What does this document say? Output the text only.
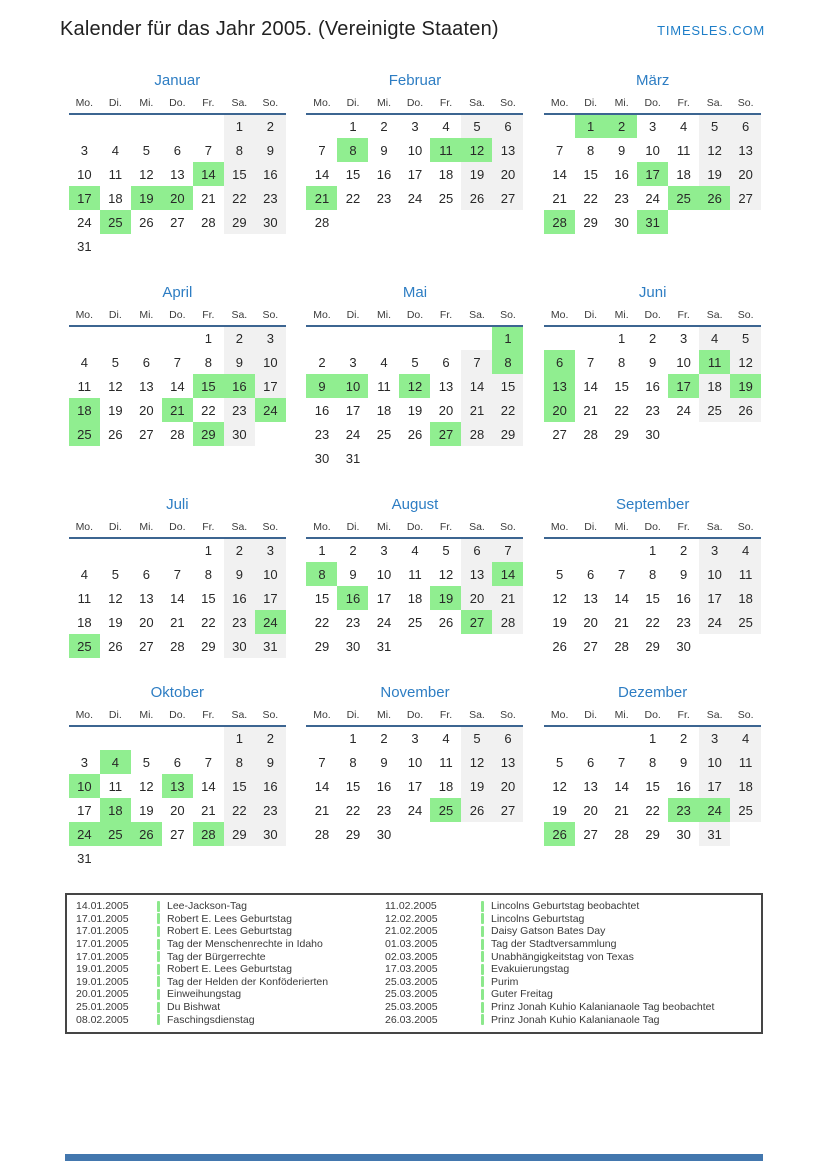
Kalender für das Jahr 2005. (Vereinigte Staaten)	TIMESLES.COM
Januar
Mo.	Di.	Mi.	Do.	Fr.	Sa.	So.
					1	2
3	4	5	6	7	8	9
10	11	12	13	14	15	16
17	18	19	20	21	22	23
24	25	26	27	28	29	30
31						
Februar
Mo.	Di.	Mi.	Do.	Fr.	Sa.	So.
	1	2	3	4	5	6
7	8	9	10	11	12	13
14	15	16	17	18	19	20
21	22	23	24	25	26	27
28						
März
Mo.	Di.	Mi.	Do.	Fr.	Sa.	So.
	1	2	3	4	5	6
7	8	9	10	11	12	13
14	15	16	17	18	19	20
21	22	23	24	25	26	27
28	29	30	31			
April
Mo.	Di.	Mi.	Do.	Fr.	Sa.	So.
				1	2	3
4	5	6	7	8	9	10
11	12	13	14	15	16	17
18	19	20	21	22	23	24
25	26	27	28	29	30	
Mai
Mo.	Di.	Mi.	Do.	Fr.	Sa.	So.
						1
2	3	4	5	6	7	8
9	10	11	12	13	14	15
16	17	18	19	20	21	22
23	24	25	26	27	28	29
30	31					
Juni
Mo.	Di.	Mi.	Do.	Fr.	Sa.	So.
		1	2	3	4	5
6	7	8	9	10	11	12
13	14	15	16	17	18	19
20	21	22	23	24	25	26
27	28	29	30			
Juli
Mo.	Di.	Mi.	Do.	Fr.	Sa.	So.
				1	2	3
4	5	6	7	8	9	10
11	12	13	14	15	16	17
18	19	20	21	22	23	24
25	26	27	28	29	30	31
August
Mo.	Di.	Mi.	Do.	Fr.	Sa.	So.
1	2	3	4	5	6	7
8	9	10	11	12	13	14
15	16	17	18	19	20	21
22	23	24	25	26	27	28
29	30	31				
September
Mo.	Di.	Mi.	Do.	Fr.	Sa.	So.
			1	2	3	4
5	6	7	8	9	10	11
12	13	14	15	16	17	18
19	20	21	22	23	24	25
26	27	28	29	30		
Oktober
Mo.	Di.	Mi.	Do.	Fr.	Sa.	So.
					1	2
3	4	5	6	7	8	9
10	11	12	13	14	15	16
17	18	19	20	21	22	23
24	25	26	27	28	29	30
31						
November
Mo.	Di.	Mi.	Do.	Fr.	Sa.	So.
	1	2	3	4	5	6
7	8	9	10	11	12	13
14	15	16	17	18	19	20
21	22	23	24	25	26	27
28	29	30				
Dezember
Mo.	Di.	Mi.	Do.	Fr.	Sa.	So.
			1	2	3	4
5	6	7	8	9	10	11
12	13	14	15	16	17	18
19	20	21	22	23	24	25
26	27	28	29	30	31	
14.01.2005	Lee-Jackson-Tag
17.01.2005	Robert E. Lees Geburtstag
17.01.2005	Robert E. Lees Geburtstag
17.01.2005	Tag der Menschenrechte in Idaho
17.01.2005	Tag der Bürgerrechte
19.01.2005	Robert E. Lees Geburtstag
19.01.2005	Tag der Helden der Konföderierten
20.01.2005	Einweihungstag
25.01.2005	Du Bishwat
08.02.2005	Faschingsdienstag
11.02.2005	Lincolns Geburtstag beobachtet
12.02.2005	Lincolns Geburtstag
21.02.2005	Daisy Gatson Bates Day
01.03.2005	Tag der Stadtversammlung
02.03.2005	Unabhängigkeitstag von Texas
17.03.2005	Evakuierungstag
25.03.2005	Purim
25.03.2005	Guter Freitag
25.03.2005	Prinz Jonah Kuhio Kalanianaole Tag beobachtet
26.03.2005	Prinz Jonah Kuhio Kalanianaole Tag
